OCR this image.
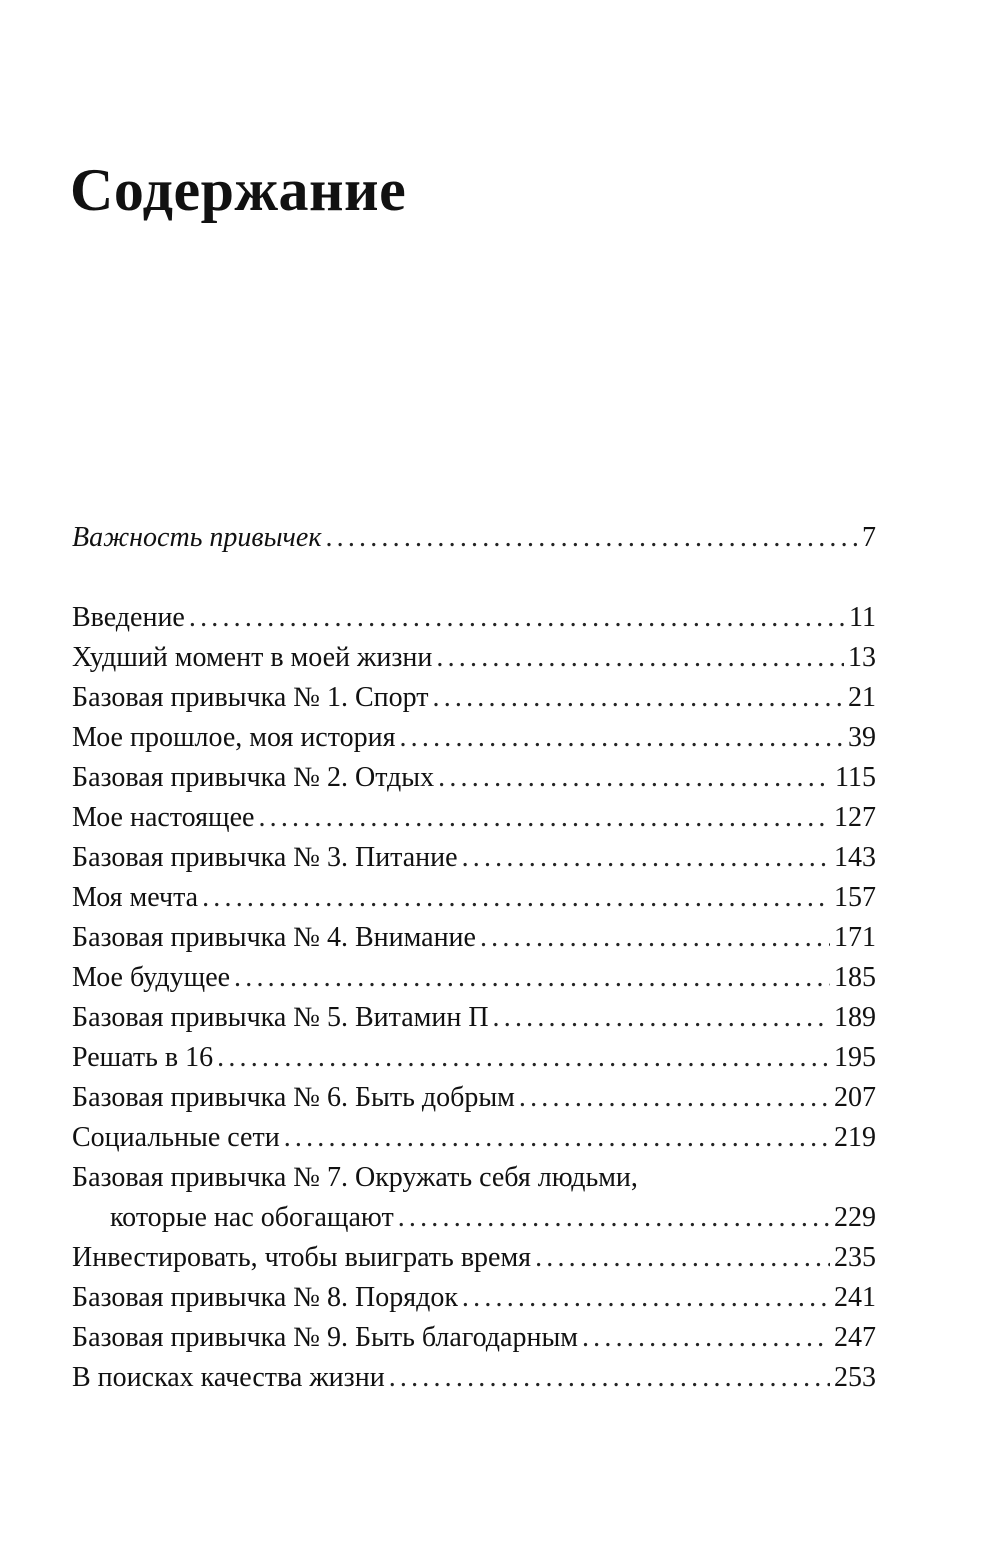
Содержание
Важность привычек .....	7
Введение .....	11
Худший момент в моей жизни .....	13
Базовая привычка № 1. Спорт .....	21
Мое прошлое, моя история .....	39
Базовая привычка № 2. Отдых .....	115
Мое настоящее .....	127
Базовая привычка № 3. Питание .....	143
Моя мечта .....	157
Базовая привычка № 4. Внимание .....	171
Мое будущее .....	185
Базовая привычка № 5. Витамин П .....	189
Решать в 16 .....	195
Базовая привычка № 6. Быть добрым .....	207
Социальные сети .....	219
Базовая привычка № 7. Окружать себя людьми,
которые нас обогащают .....	229
Инвестировать, чтобы выиграть время .....	235
Базовая привычка № 8. Порядок .....	241
Базовая привычка № 9. Быть благодарным .....	247
В поисках качества жизни .....	253
